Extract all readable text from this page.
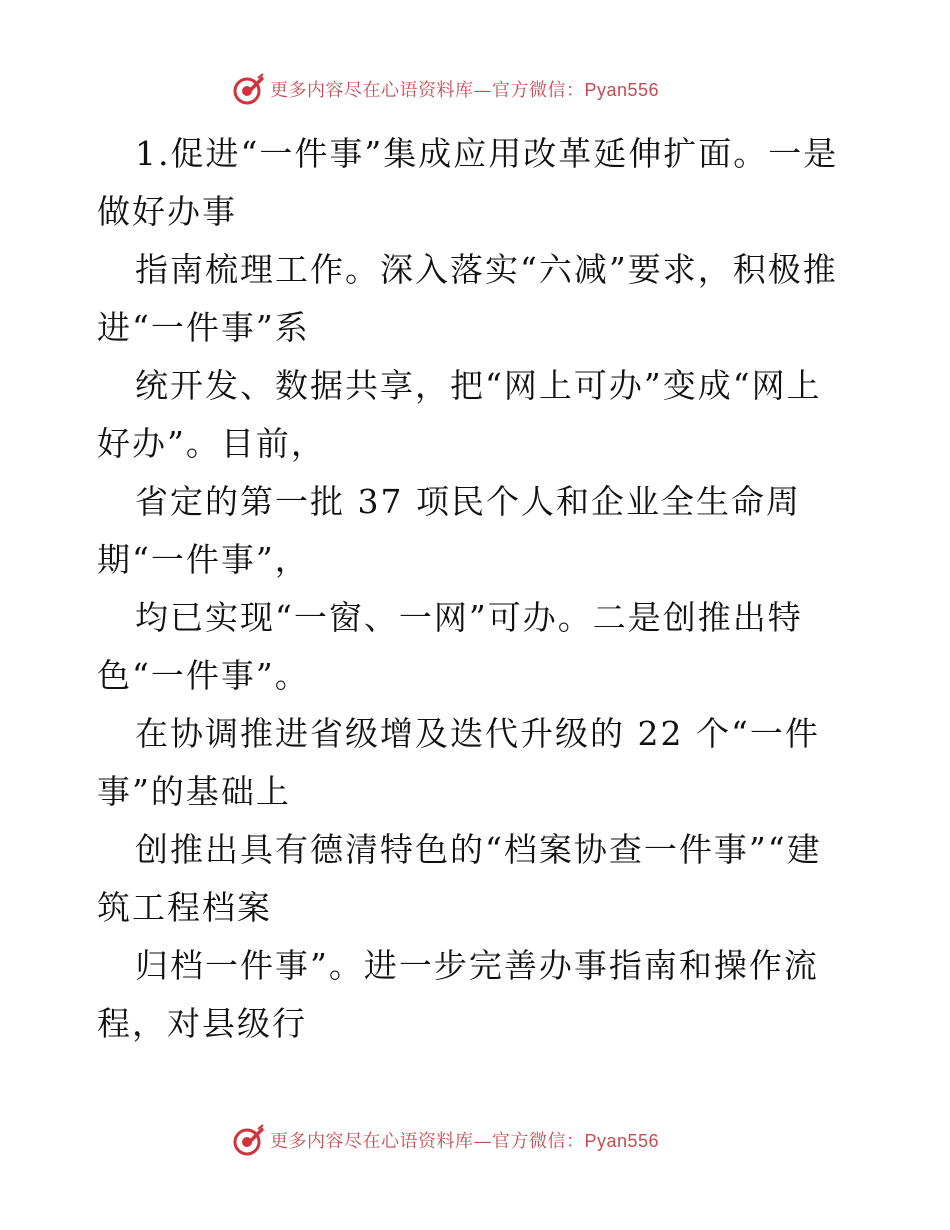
更多内容尽在心语资料库—官方微信：Pyan556
1.促进“一件事”集成应用改革延伸扩面。一是
做好办事
指南梳理工作。深入落实“六减”要求，积极推
进“一件事”系
统开发、数据共享，把“网上可办”变成“网上
好办”。目前，
省定的第一批 37 项民个人和企业全生命周
期“一件事”，
均已实现“一窗、一网”可办。二是创推出特
色“一件事”。
在协调推进省级增及迭代升级的 22 个“一件
事”的基础上
创推出具有德清特色的“档案协查一件事”“建
筑工程档案
归档一件事”。进一步完善办事指南和操作流
程，对县级行
更多内容尽在心语资料库—官方微信：Pyan556
